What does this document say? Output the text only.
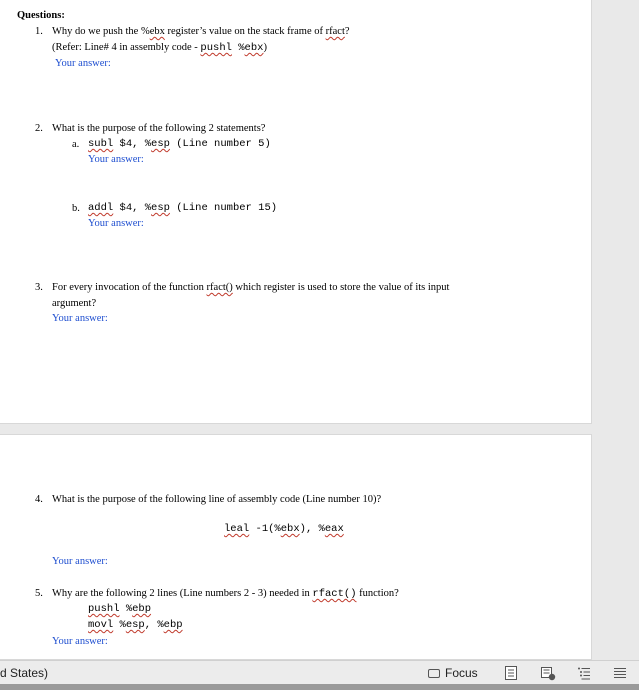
Questions:
1. Why do we push the %ebx register’s value on the stack frame of rfact?
(Refer: Line# 4 in assembly code - pushl %ebx)
Your answer:
2. What is the purpose of the following 2 statements?
a. subl $4, %esp (Line number 5)
Your answer:
b. addl $4, %esp (Line number 15)
Your answer:
3. For every invocation of the function rfact() which register is used to store the value of its input
argument?
Your answer:
4. What is the purpose of the following line of assembly code (Line number 10)?
leal -1(%ebx), %eax
Your answer:
5. Why are the following 2 lines (Line numbers 2 - 3) needed in rfact() function?
pushl %ebp
movl %esp, %ebp
Your answer:
d States)	Focus
